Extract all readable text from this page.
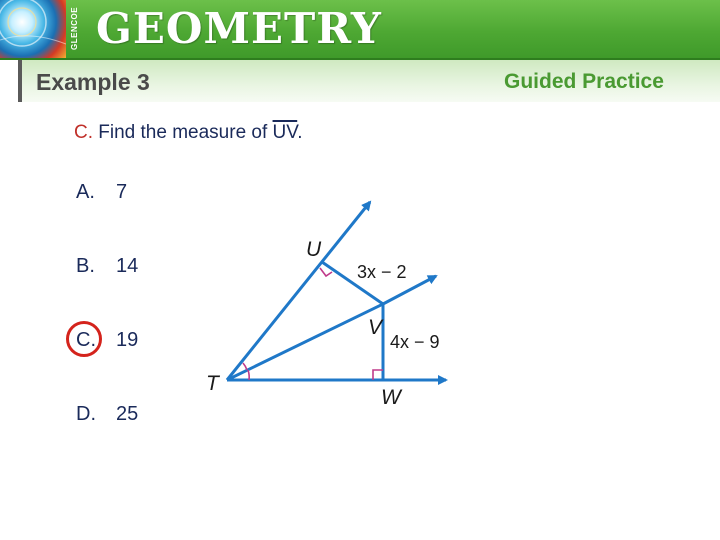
GLENCOE GEOMETRY
Example 3	Guided Practice
C. Find the measure of $\overline{UV}$.
A. 7
B. 14
C. 19
D. 25
U
V
T
W
3x − 2
4x − 9
